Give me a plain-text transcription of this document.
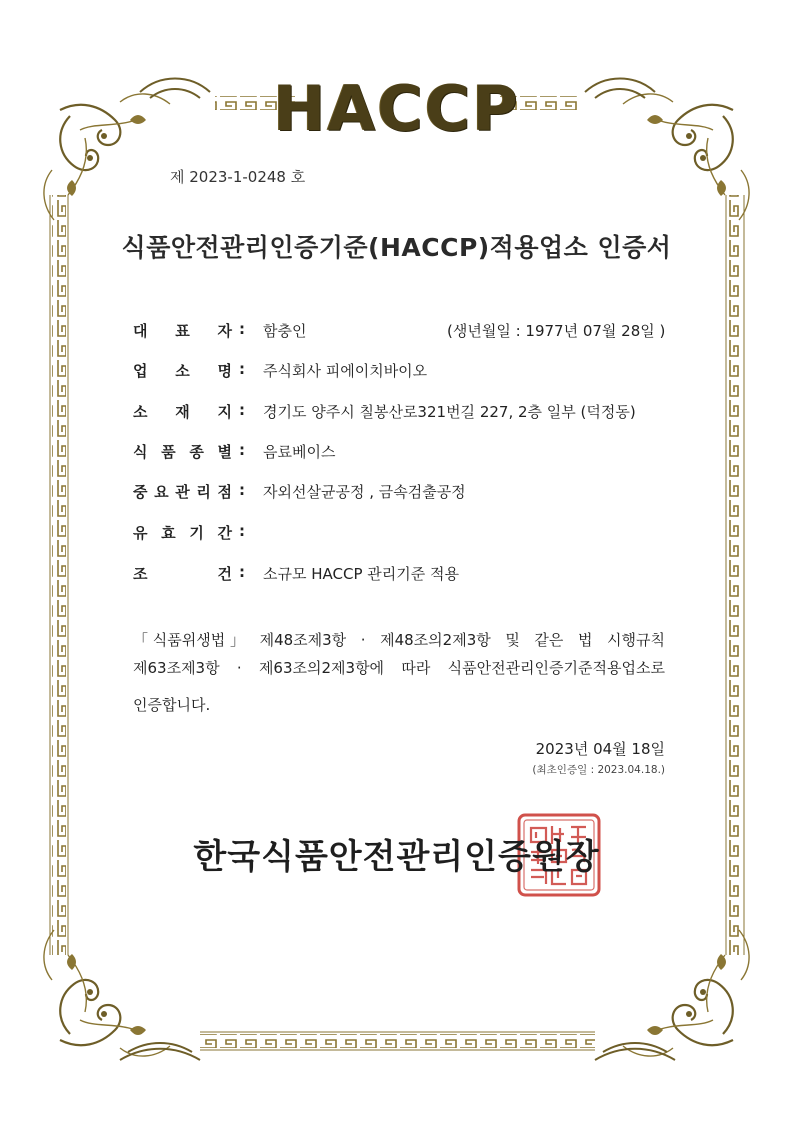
HACCP
제 2023-1-0248 호
식품안전관리인증기준(HACCP)적용업소 인증서
대 표 자 : 함충인	(생년월일 : 1977년 07월 28일 )
업 소 명 : 주식회사 피에이치바이오
소 재 지 : 경기도 양주시 칠봉산로321번길 227, 2층 일부 (덕정동)
식 품 종 별 : 음료베이스
중 요 관 리 점 : 자외선살균공정 , 금속검출공정
유 효 기 간 :
조	건 : 소규모 HACCP 관리기준 적용
「 식품위생법 」 제48조제3항 · 제48조의2제3항 및 같은 법 시행규칙
제63조제3항 · 제63조의2제3항에 따라 식품안전관리인증기준적용업소로
인증합니다.
2023년 04월 18일
(최초인증일 : 2023.04.18.)
한국식품안전관리인증원장
